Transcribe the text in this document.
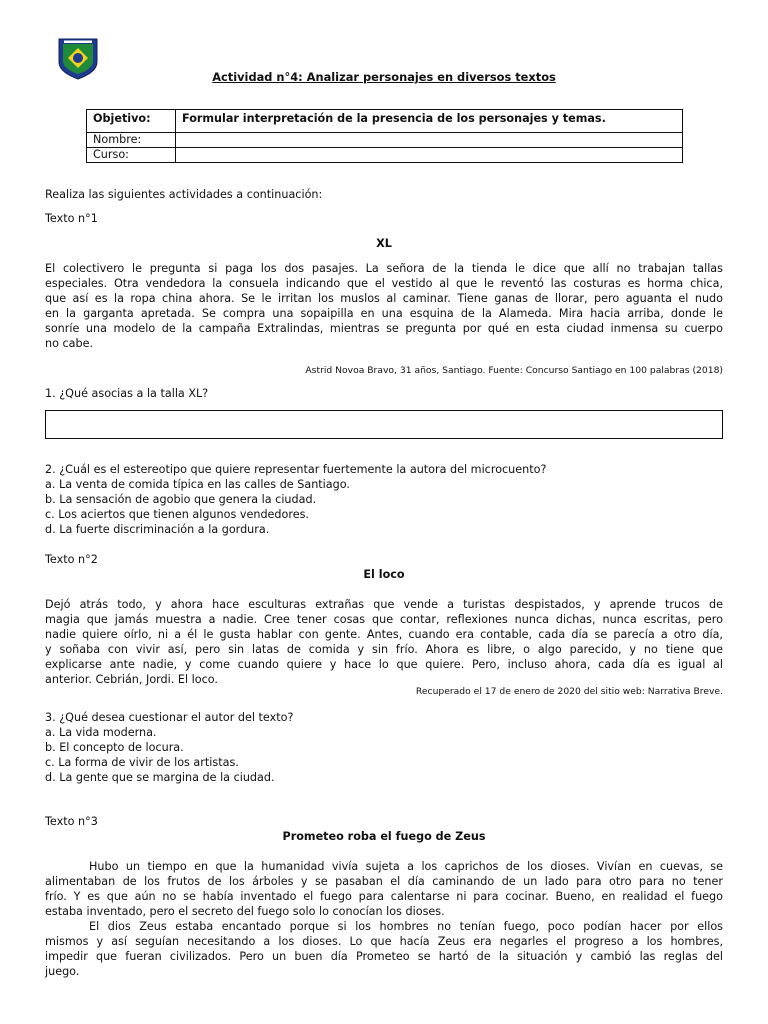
Actividad n°4: Analizar personajes en diversos textos
Objetivo:	Formular interpretación de la presencia de los personajes y temas.
Nombre:	
Curso:	
Realiza las siguientes actividades a continuación:
Texto n°1
XL
El colectivero le pregunta si paga los dos pasajes. La señora de la tienda le dice que allí no trabajan tallas
especiales. Otra vendedora la consuela indicando que el vestido al que le reventó las costuras es horma chica,
que así es la ropa china ahora. Se le irritan los muslos al caminar. Tiene ganas de llorar, pero aguanta el nudo
en la garganta apretada. Se compra una sopaipilla en una esquina de la Alameda. Mira hacia arriba, donde le
sonríe una modelo de la campaña Extralindas, mientras se pregunta por qué en esta ciudad inmensa su cuerpo
no cabe.
Astrid Novoa Bravo, 31 años, Santiago. Fuente: Concurso Santiago en 100 palabras (2018)
1. ¿Qué asocias a la talla XL?
2. ¿Cuál es el estereotipo que quiere representar fuertemente la autora del microcuento?
a. La venta de comida típica en las calles de Santiago.
b. La sensación de agobio que genera la ciudad.
c. Los aciertos que tienen algunos vendedores.
d. La fuerte discriminación a la gordura.
Texto n°2
El loco
Dejó atrás todo, y ahora hace esculturas extrañas que vende a turistas despistados, y aprende trucos de
magia que jamás muestra a nadie. Cree tener cosas que contar, reflexiones nunca dichas, nunca escritas, pero
nadie quiere oírlo, ni a él le gusta hablar con gente. Antes, cuando era contable, cada día se parecía a otro día,
y soñaba con vivir así, pero sin latas de comida y sin frío. Ahora es libre, o algo parecido, y no tiene que
explicarse ante nadie, y come cuando quiere y hace lo que quiere. Pero, incluso ahora, cada día es igual al
anterior. Cebrián, Jordi. El loco.
Recuperado el 17 de enero de 2020 del sitio web: Narrativa Breve.
3. ¿Qué desea cuestionar el autor del texto?
a. La vida moderna.
b. El concepto de locura.
c. La forma de vivir de los artistas.
d. La gente que se margina de la ciudad.
Texto n°3
Prometeo roba el fuego de Zeus
Hubo un tiempo en que la humanidad vivía sujeta a los caprichos de los dioses. Vivían en cuevas, se
alimentaban de los frutos de los árboles y se pasaban el día caminando de un lado para otro para no tener
frío. Y es que aún no se había inventado el fuego para calentarse ni para cocinar. Bueno, en realidad el fuego
estaba inventado, pero el secreto del fuego solo lo conocían los dioses.
El dios Zeus estaba encantado porque si los hombres no tenían fuego, poco podían hacer por ellos
mismos y así seguían necesitando a los dioses. Lo que hacía Zeus era negarles el progreso a los hombres,
impedir que fueran civilizados. Pero un buen día Prometeo se hartó de la situación y cambió las reglas del
juego.
